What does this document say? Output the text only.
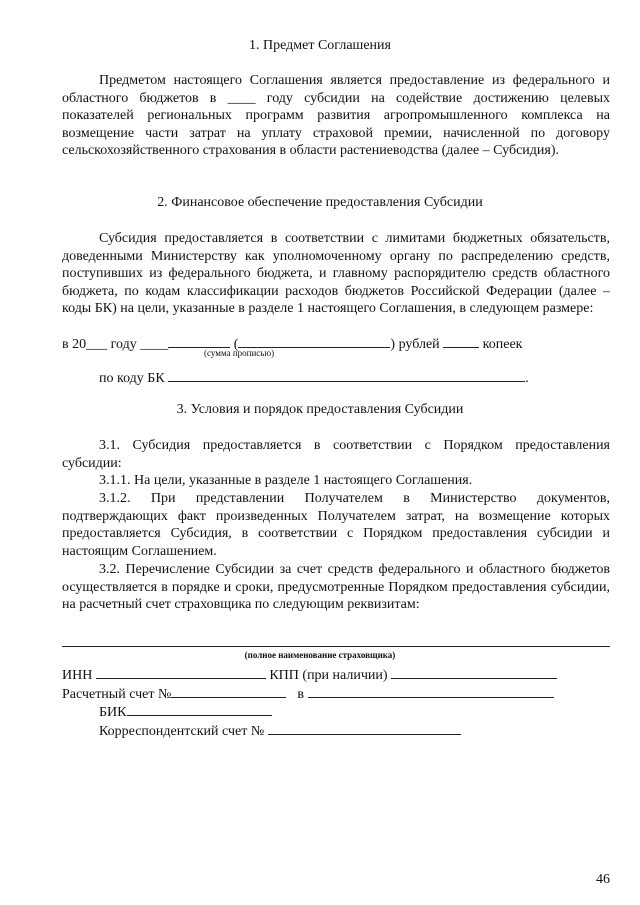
1. Предмет Соглашения

Предметом настоящего Соглашения является предоставление из федерального и областного бюджетов в ____ году субсидии на содействие достижению целевых показателей региональных программ развития агропромышленного комплекса на возмещение части затрат на уплату страховой премии, начисленной по договору сельскохозяйственного страхования в области растениеводства (далее – Субсидия).

2. Финансовое обеспечение предоставления Субсидии

Субсидия предоставляется в соответствии с лимитами бюджетных обязательств, доведенными Министерству как уполномоченному органу по распределению средств, поступивших из федерального бюджета, и главному распорядителю средств областного бюджета, по кодам классификации расходов бюджетов Российской Федерации (далее – коды БК) на цели, указанные в разделе 1 настоящего Соглашения, в следующем размере:

в 20___ году ____	(	) рублей	копеек
(сумма прописью)
по коду БК	.
3. Условия и порядок предоставления Субсидии

3.1. Субсидия предоставляется в соответствии с Порядком предоставления субсидии:

3.1.1. На цели, указанные в разделе 1 настоящего Соглашения.

3.1.2. При представлении Получателем в Министерство документов, подтверждающих факт произведенных Получателем затрат, на возмещение которых предоставляется Субсидия, в соответствии с Порядком предоставления субсидии и настоящим Соглашением.

3.2. Перечисление Субсидии за счет средств федерального и областного бюджетов осуществляется в порядке и сроки, предусмотренные Порядком предоставления субсидии, на расчетный счет страховщика по следующим реквизитам:

(полное наименование страховщика)
ИНН	КПП (при наличии)
Расчетный счет №	в
БИК
Корреспондентский счет №
46
